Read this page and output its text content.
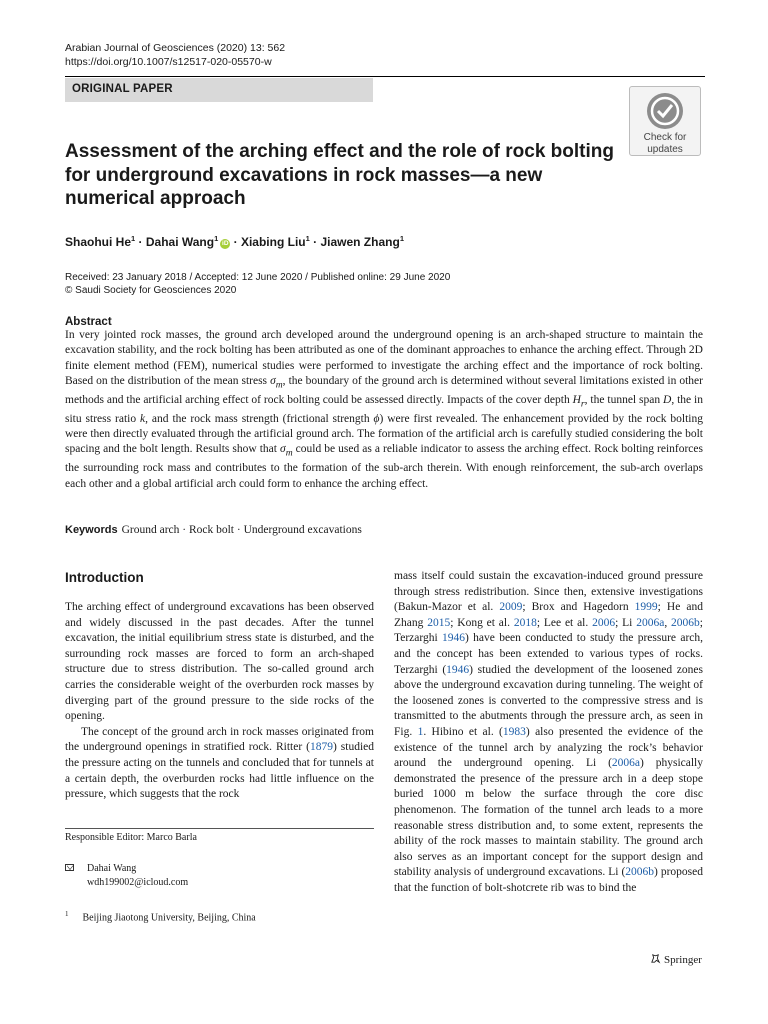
Arabian Journal of Geosciences (2020) 13: 562
https://doi.org/10.1007/s12517-020-05570-w
ORIGINAL PAPER
Check for
updates
Assessment of the arching effect and the role of rock bolting for underground excavations in rock masses—a new numerical approach
Shaohui $He^1$ · Dahai Wang$^1$iD · Xiabing Liu$^1$ · Jiawen Zhang$^1$
Received: 23 January 2018 / Accepted: 12 June 2020 / Published online: 29 June 2020
© Saudi Society for Geosciences 2020
Abstract
In very jointed rock masses, the ground arch developed around the underground opening is an arch-shaped structure to maintain the excavation stability, and the rock bolting has been attributed as one of the dominant approaches to enhance the arching effect. Through 2D finite element method (FEM), numerical studies were performed to investigate the arching effect and the importance of rock bolting. Based on the distribution of the mean stress $\sigma_m$, the boundary of the ground arch is determined without several limitations existed in other methods and the artificial arching effect of rock bolting could be assessed directly. Impacts of the cover depth $H_r$, the tunnel span D, the in situ stress ratio k, and the rock mass strength (frictional strength ϕ) were first revealed. The enhancement provided by the rock bolting were then directly evaluated through the artificial ground arch. The formation of the artificial arch is carefully studied considering the bolt spacing and the bolt length. Results show that $\sigma_m$ could be used as a reliable indicator to assess the arching effect. Rock bolting reinforces the surrounding rock mass and contributes to the formation of the sub-arch therein. With enough reinforcement, the sub-arch overlaps each other and a global artificial arch could form to enhance the arching effect.
Keywords Ground arch · Rock bolt · Underground excavations
Introduction

The arching effect of underground excavations has been observed and widely discussed in the past decades. After the tunnel excavation, the initial equilibrium stress state is disturbed, and the surrounding rock masses are forced to form an arch-shaped structure due to stress distribution. The so-called ground arch carries the considerable weight of the overburden rock masses by diverging part of the ground pressure to the side rocks of the opening.

The concept of the ground arch in rock masses originated from the underground openings in stratified rock. Ritter (1879) studied the pressure acting on the tunnels and concluded that for tunnels at a certain depth, the overburden rocks had little influence on the pressure, which suggests that the rock

mass itself could sustain the excavation-induced ground pressure through stress redistribution. Since then, extensive investigations (Bakun-Mazor et al. 2009; Brox and Hagedorn 1999; He and Zhang 2015; Kong et al. 2018; Lee et al. 2006; Li 2006a, 2006b; Terzarghi 1946) have been conducted to study the pressure arch, and the concept has been extended to various types of rocks. Terzarghi (1946) studied the development of the loosened zones above the underground excavation during tunneling. The weight of the loosened zones is converted to the compressive stress and is transmitted to the abutments through the pressure arch, as seen in Fig. 1. Hibino et al. (1983) also presented the evidence of the existence of the tunnel arch by analyzing the rock’s behavior around the underground opening. Li (2006a) physically demonstrated the presence of the pressure arch in a deep stope buried 1000 m below the surface through the core disc phenomenon. The formation of the tunnel arch leads to a more reasonable stress distribution and, to some extent, represents the ability of the rock masses to maintain stability. The ground arch also serves as an important concept for the support design and stability analysis of underground excavations. Li (2006b) proposed that the function of bolt-shotcrete rib was to bind the

Responsible Editor: Marco Barla
Dahai Wang
wdh199002@icloud.com
$^1$ Beijing Jiaotong University, Beijing, China
Springer
